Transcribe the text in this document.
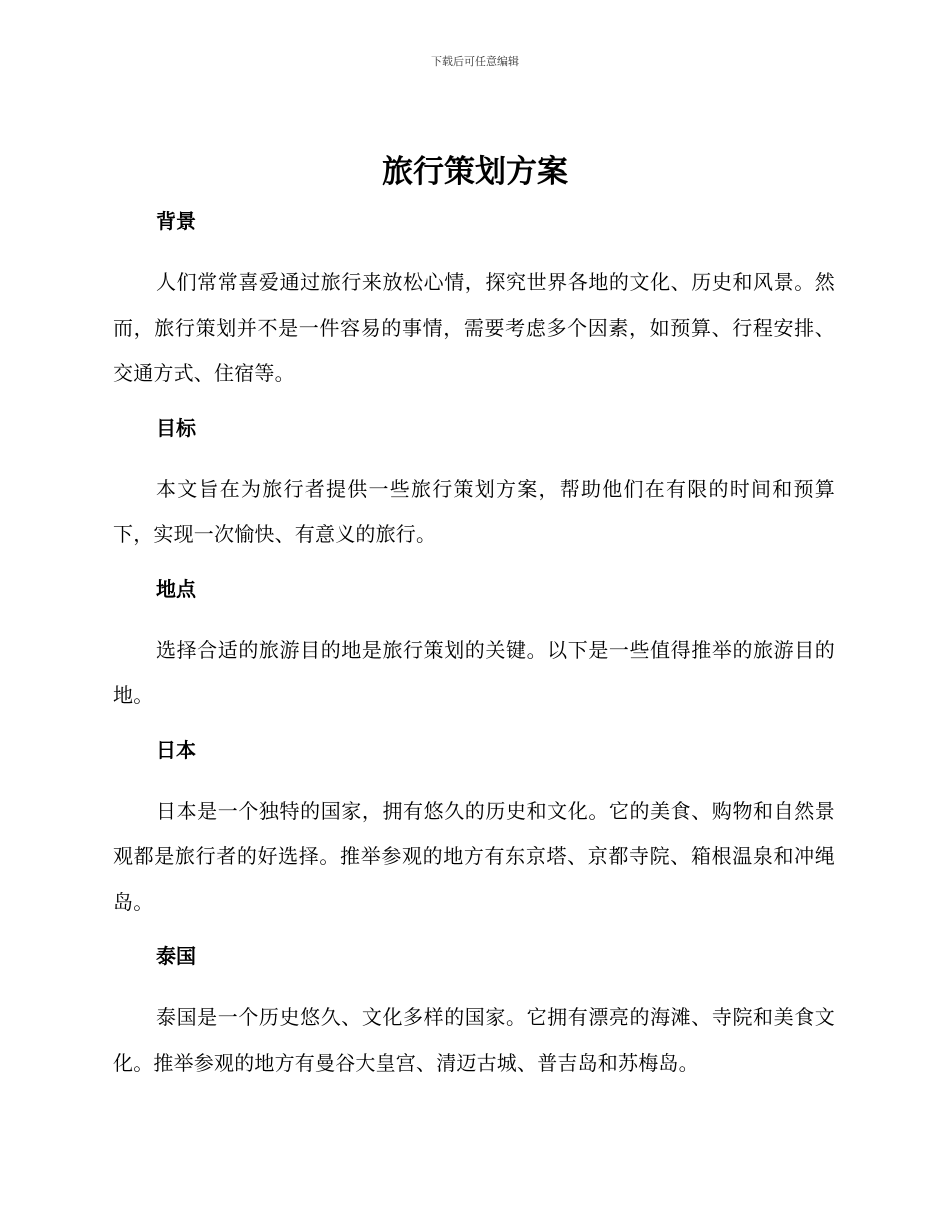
下载后可任意编辑
旅行策划方案
背景

人们常常喜爱通过旅行来放松心情，探究世界各地的文化、历史和风景。然而，旅行策划并不是一件容易的事情，需要考虑多个因素，如预算、行程安排、交通方式、住宿等。

目标

本文旨在为旅行者提供一些旅行策划方案，帮助他们在有限的时间和预算下，实现一次愉快、有意义的旅行。

地点

选择合适的旅游目的地是旅行策划的关键。以下是一些值得推举的旅游目的地。

日本

日本是一个独特的国家，拥有悠久的历史和文化。它的美食、购物和自然景观都是旅行者的好选择。推举参观的地方有东京塔、京都寺院、箱根温泉和冲绳岛。

泰国

泰国是一个历史悠久、文化多样的国家。它拥有漂亮的海滩、寺院和美食文化。推举参观的地方有曼谷大皇宫、清迈古城、普吉岛和苏梅岛。
